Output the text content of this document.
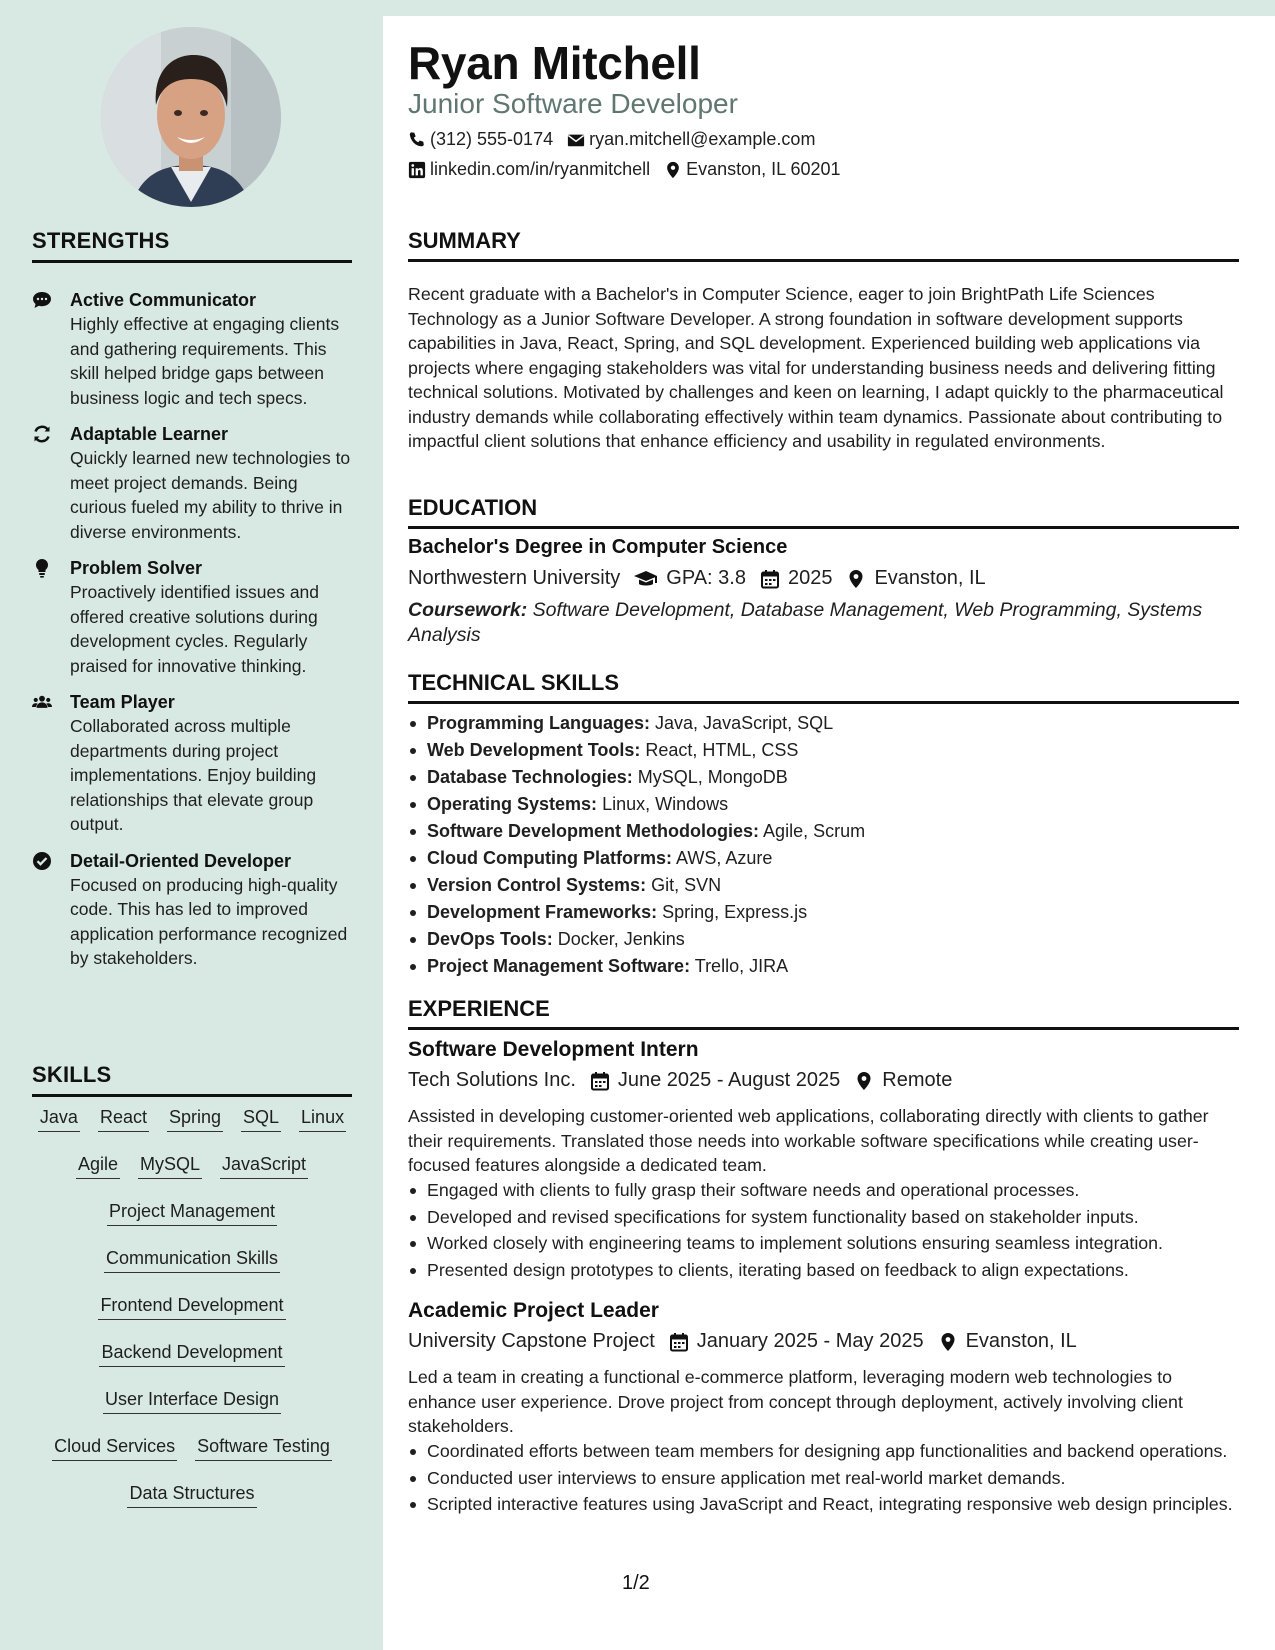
STRENGTHS
Active Communicator
Highly effective at engaging clients and gathering requirements. This skill helped bridge gaps between business logic and tech specs.
Adaptable Learner
Quickly learned new technologies to meet project demands. Being curious fueled my ability to thrive in diverse environments.
Problem Solver
Proactively identified issues and offered creative solutions during development cycles. Regularly praised for innovative thinking.
Team Player
Collaborated across multiple departments during project implementations. Enjoy building relationships that elevate group output.
Detail-Oriented Developer
Focused on producing high-quality code. This has led to improved application performance recognized by stakeholders.
SKILLS
Java React Spring SQL Linux
Agile MySQL JavaScript
Project Management
Communication Skills
Frontend Development
Backend Development
User Interface Design
Cloud Services Software Testing
Data Structures
Ryan Mitchell
Junior Software Developer
(312) 555-0174 ryan.mitchell@example.com
linkedin.com/in/ryanmitchell Evanston, IL 60201
SUMMARY
Recent graduate with a Bachelor's in Computer Science, eager to join BrightPath Life Sciences Technology as a Junior Software Developer. A strong foundation in software development supports capabilities in Java, React, Spring, and SQL development. Experienced building web applications via projects where engaging stakeholders was vital for understanding business needs and delivering fitting technical solutions. Motivated by challenges and keen on learning, I adapt quickly to the pharmaceutical industry demands while collaborating effectively within team dynamics. Passionate about contributing to impactful client solutions that enhance efficiency and usability in regulated environments.
EDUCATION
Bachelor's Degree in Computer Science
Northwestern University GPA: 3.8 2025 Evanston, IL
Coursework: Software Development, Database Management, Web Programming, Systems Analysis
TECHNICAL SKILLS
Programming Languages: Java, JavaScript, SQL
Web Development Tools: React, HTML, CSS
Database Technologies: MySQL, MongoDB
Operating Systems: Linux, Windows
Software Development Methodologies: Agile, Scrum
Cloud Computing Platforms: AWS, Azure
Version Control Systems: Git, SVN
Development Frameworks: Spring, Express.js
DevOps Tools: Docker, Jenkins
Project Management Software: Trello, JIRA
EXPERIENCE
Software Development Intern
Tech Solutions Inc. June 2025 - August 2025 Remote
Assisted in developing customer-oriented web applications, collaborating directly with clients to gather their requirements. Translated those needs into workable software specifications while creating user-focused features alongside a dedicated team.
Engaged with clients to fully grasp their software needs and operational processes.
Developed and revised specifications for system functionality based on stakeholder inputs.
Worked closely with engineering teams to implement solutions ensuring seamless integration.
Presented design prototypes to clients, iterating based on feedback to align expectations.
Academic Project Leader
University Capstone Project January 2025 - May 2025 Evanston, IL
Led a team in creating a functional e-commerce platform, leveraging modern web technologies to enhance user experience. Drove project from concept through deployment, actively involving client stakeholders.
Coordinated efforts between team members for designing app functionalities and backend operations.
Conducted user interviews to ensure application met real-world market demands.
Scripted interactive features using JavaScript and React, integrating responsive web design principles.
1/2
